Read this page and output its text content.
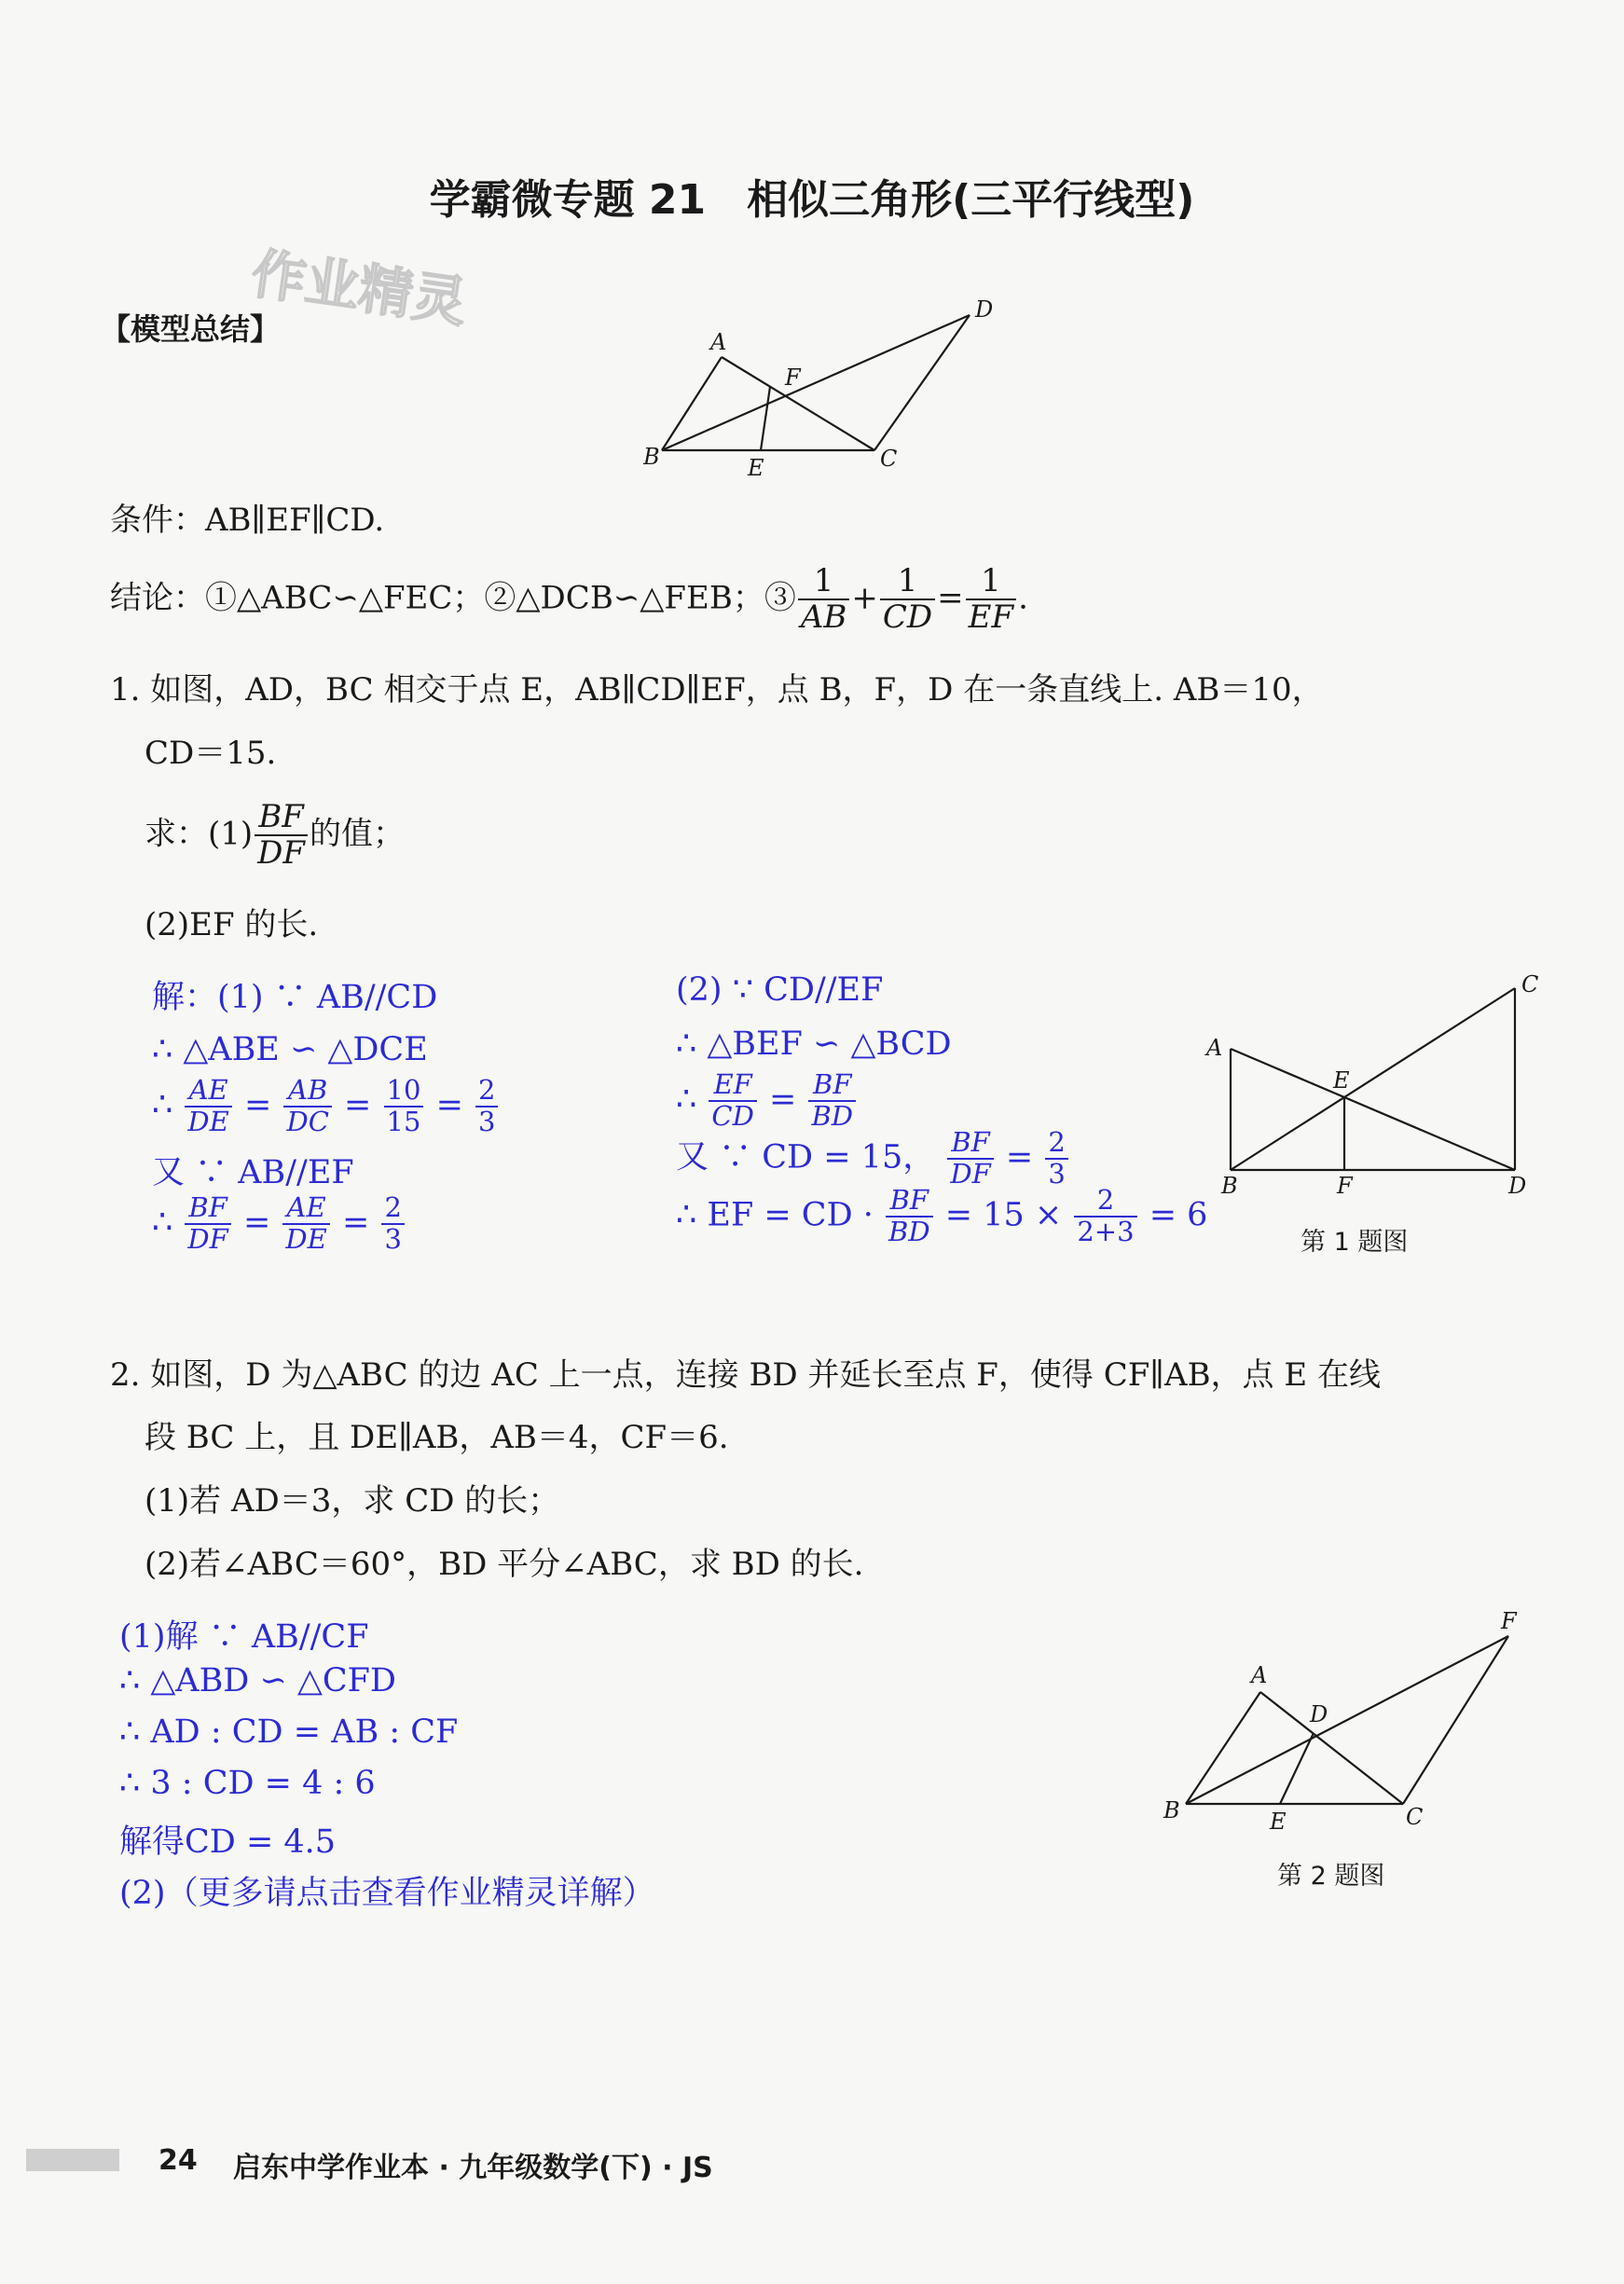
学霸微专题 21　相似三角形(三平行线型)
作业精灵
【模型总结】	A
B	C
D
E
F
条件：AB∥EF∥CD.
结论：①△ABC∽△FEC；②△DCB∽△FEB；③ $\frac{1}{AB} + \frac{1}{CD} = \frac{1}{EF}$ .
1. 如图，AD，BC 相交于点 E，AB∥CD∥EF，点 B，F，D 在一条直线上. AB＝10，
CD＝15.
求：$(1) \frac{BF}{DF}$ 的值；
(2)EF 的长.
解：(1) ∵ AB//CD
∴ △ABE ∽ △DCE
∴ $\frac{AE}{DE} = \frac{AB}{DC} = \frac{10}{15} = \frac{2}{3}$
又 ∵ AB//EF
∴ $\frac{BF}{DF} = \frac{AE}{DE} = \frac{2}{3}$
(2) ∵ CD//EF
∴ △BEF ∽ △BCD
∴ $\frac{EF}{CD} = \frac{BF}{BD}$
又 ∵ CD = 15， $\frac{BF}{DF} = \frac{2}{3}$
∴ EF = CD · $\frac{BF}{BD} = 15 \times \frac{2}{2+3} = 6$
A
B
C
D
E
F
第 1 题图
2. 如图，D 为△ABC 的边 AC 上一点，连接 BD 并延长至点 F，使得 CF∥AB，点 E 在线
段 BC 上，且 DE∥AB，AB＝4，CF＝6.
(1)若 AD＝3，求 CD 的长；
(2)若∠ABC＝60°，BD 平分∠ABC，求 BD 的长.
(1)解 ∵ AB//CF
∴ △ABD ∽ △CFD
∴ AD : CD = AB : CF
∴ 3 : CD = 4 : 6
解得CD = 4.5
(2)（更多请点击查看作业精灵详解）
A
B	C
D
E
F
第 2 题图
24 启东中学作业本 · 九年级数学(下) · JS
